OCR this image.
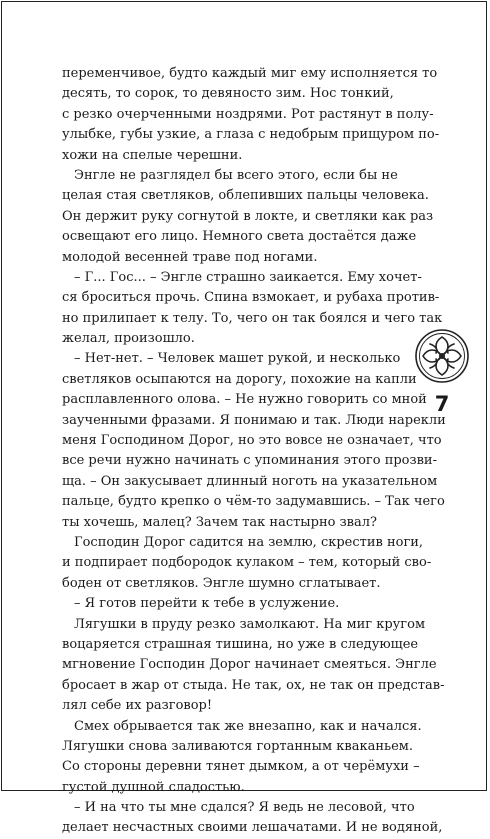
переменчивое, будто каждый миг ему исполняется то
десять, то сорок, то девяносто зим. Нос тонкий,
с резко очерченными ноздрями. Рот растянут в полу-
улыбке, губы узкие, а глаза с недобрым прищуром по-
хожи на спелые черешни.
Энгле не разглядел бы всего этого, если бы не
целая стая светляков, облепивших пальцы человека.
Он держит руку согнутой в локте, и светляки как раз
освещают его лицо. Немного света достаётся даже
молодой весенней траве под ногами.
– Г... Гос... – Энгле страшно заикается. Ему хочет-
ся броситься прочь. Спина взмокает, и рубаха против-
но прилипает к телу. То, чего он так боялся и чего так
желал, произошло.
– Нет-нет. – Человек машет рукой, и несколько
светляков осыпаются на дорогу, похожие на капли
расплавленного олова. – Не нужно говорить со мной
заученными фразами. Я понимаю и так. Люди нарекли
меня Господином Дорог, но это вовсе не означает, что
все речи нужно начинать с упоминания этого прозви-
ща. – Он закусывает длинный ноготь на указательном
пальце, будто крепко о чём-то задумавшись. – Так чего
ты хочешь, малец? Зачем так настырно звал?
Господин Дорог садится на землю, скрестив ноги,
и подпирает подбородок кулаком – тем, который сво-
боден от светляков. Энгле шумно сглатывает.
– Я готов перейти к тебе в услужение.
Лягушки в пруду резко замолкают. На миг кругом
воцаряется страшная тишина, но уже в следующее
мгновение Господин Дорог начинает смеяться. Энгле
бросает в жар от стыда. Не так, ох, не так он представ-
лял себе их разговор!
Смех обрывается так же внезапно, как и начался.
Лягушки снова заливаются гортанным кваканьем.
Со стороны деревни тянет дымком, а от черёмухи –
густой душной сладостью.
– И на что ты мне сдался? Я ведь не лесовой, что
делает несчастных своими лешачатами. И не водяной,
7
